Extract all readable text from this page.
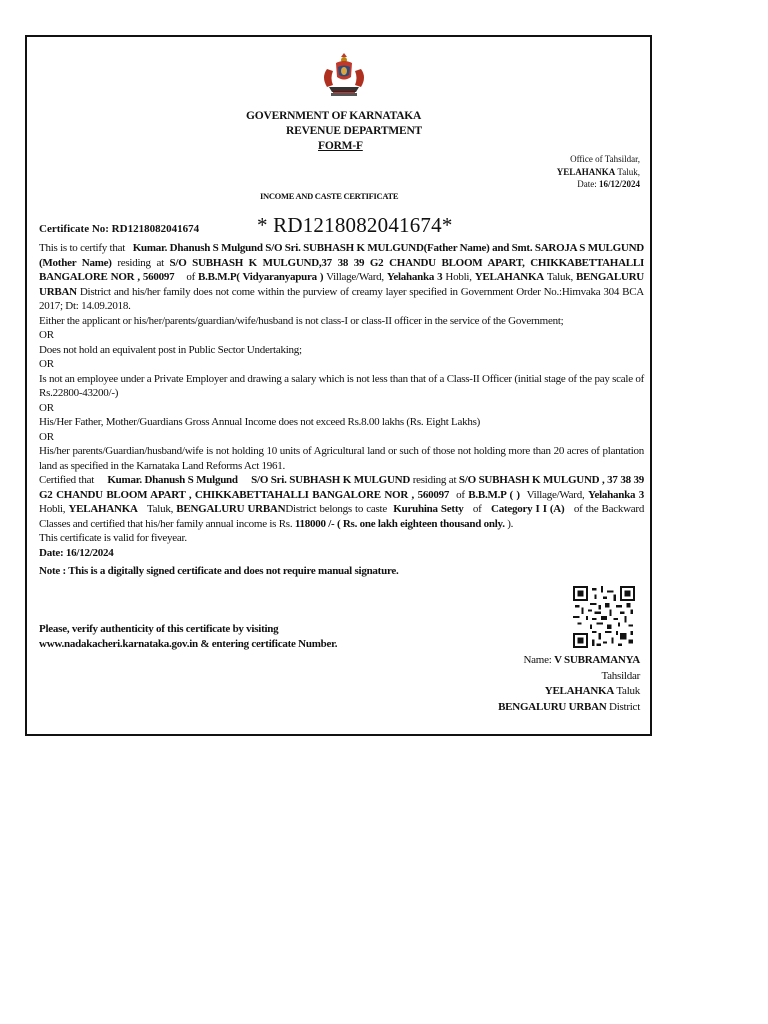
GOVERNMENT OF KARNATAKA
REVENUE DEPARTMENT
FORM-F
Office of Tahsildar,
YELAHANKA Taluk,
Date: 16/12/2024
INCOME AND CASTE CERTIFICATE
Certificate No: RD1218082041674	* RD1218082041674*

This is to certify that Kumar. Dhanush S Mulgund S/O Sri. SUBHASH K MULGUND(Father Name) and Smt. SAROJA S MULGUND (Mother Name) residing at S/O SUBHASH K MULGUND,37 38 39 G2 CHANDU BLOOM APART, CHIKKABETTAHALLI BANGALORE NOR , 560097 of B.B.M.P( Vidyaranyapura ) Village/Ward, Yelahanka 3 Hobli, YELAHANKA Taluk, BENGALURU URBAN District and his/her family does not come within the purview of creamy layer specified in Government Order No.:Himvaka 304 BCA 2017; Dt: 14.09.2018.

Either the applicant or his/her/parents/guardian/wife/husband is not class-I or class-II officer in the service of the Government;

OR

Does not hold an equivalent post in Public Sector Undertaking;

OR

Is not an employee under a Private Employer and drawing a salary which is not less than that of a Class-II Officer (initial stage of the pay scale of Rs.22800-43200/-)

OR

His/Her Father, Mother/Guardians Gross Annual Income does not exceed Rs.8.00 lakhs (Rs. Eight Lakhs)

OR

His/her parents/Guardian/husband/wife is not holding 10 units of Agricultural land or such of those not holding more than 20 acres of plantation land as specified in the Karnataka Land Reforms Act 1961.

Certified that Kumar. Dhanush S Mulgund S/O Sri. SUBHASH K MULGUND residing at S/O SUBHASH K MULGUND , 37 38 39 G2 CHANDU BLOOM APART , CHIKKABETTAHALLI BANGALORE NOR , 560097 of B.B.M.P ( ) Village/Ward, Yelahanka 3 Hobli, YELAHANKA Taluk, BENGALURU URBANDistrict belongs to caste Kuruhina Setty of Category I I (A) of the Backward Classes and certified that his/her family annual income is Rs. 118000 /- ( Rs. one lakh eighteen thousand only. ).

This certificate is valid for fiveyear.

Date: 16/12/2024

Note : This is a digitally signed certificate and does not require manual signature.
Please, verify authenticity of this certificate by visiting www.nadakacheri.karnataka.gov.in & entering certificate Number.
Name: V SUBRAMANYA
Tahsildar
YELAHANKA Taluk
BENGALURU URBAN District
